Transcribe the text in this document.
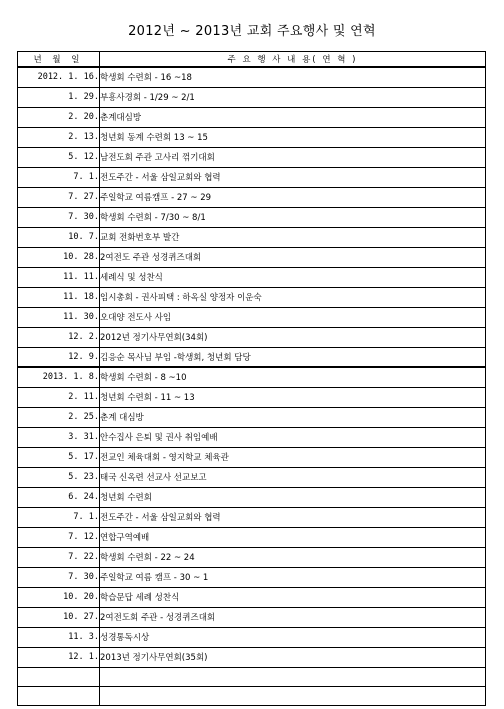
2012년 ~ 2013년 교회 주요행사 및 연혁
년 월 일	주 요 행 사 내 용( 연 혁 )
2012. 1. 16.	학생회 수련회 - 16 ~18
1. 29.	부흥사경회 - 1/29 ~ 2/1
2. 20.	춘계대심방
2. 13.	청년회 동계 수련회 13 ~ 15
5. 12.	남전도회 주관 고사리 꺾기대회
7. 1.	전도주간 - 서울 삼일교회와 협력
7. 27.	주일학교 여름캠프 - 27 ~ 29
7. 30.	학생회 수련회 - 7/30 ~ 8/1
10. 7.	교회 전화번호부 발간
10. 28.	2여전도 주관 성경퀴즈대회
11. 11.	세례식 및 성찬식
11. 18.	임시총회 - 권사피택 : 하옥실 양정자 이운숙
11. 30.	오대양 전도사 사임
12. 2.	2012년 정기사무연회(34회)
12. 9.	김응순 목사님 부임 -학생회, 청년회 담당
2013. 1. 8.	학생회 수련회 - 8 ~10
2. 11.	청년회 수련회 - 11 ~ 13
2. 25.	춘계 대심방
3. 31.	안수집사 은퇴 및 권사 취임예배
5. 17.	전교인 체육대회 - 영지학교 체육관
5. 23.	태국 신옥련 선교사 선교보고
6. 24.	청년회 수련회
7. 1.	전도주간 - 서울 삼일교회와 협력
7. 12.	연합구역예배
7. 22.	학생회 수련회 - 22 ~ 24
7. 30.	주일학교 여름 캠프 - 30 ~ 1
10. 20.	학습문답 세례 성찬식
10. 27.	2여전도회 주관 - 성경퀴즈대회
11. 3.	성경통독시상
12. 1.	2013년 정기사무연회(35회)
